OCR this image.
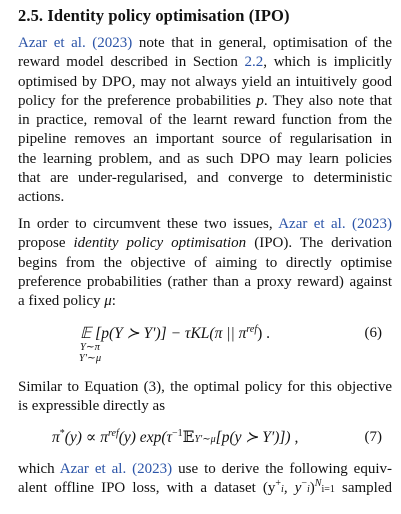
2.5. Identity policy optimisation (IPO)
Azar et al. (2023) note that in general, optimisation of the
reward model described in Section 2.2, which is implicitly
optimised by DPO, may not always yield an intuitively good
policy for the preference probabilities p. They also note that
in practice, removal of the learnt reward function from the
pipeline removes an important source of regularisation in
the learning problem, and as such DPO may learn policies
that are under-regularised, and converge to deterministic
actions.
In order to circumvent these two issues, Azar et al. (2023)
propose identity policy optimisation (IPO). The derivation
begins from the objective of aiming to directly optimise
preference probabilities (rather than a proxy reward) against
a fixed policy μ:
𝔼 [p(Y ≻ Y′)] − τKL(π || $\pi^{ref}$) .
Y∼π
Y′∼μ
(6)
Similar to Equation (3), the optimal policy for this objective
is expressible directly as
$\pi^*(y) \propto \pi^{ref}(y)$ $\exp(\tau^{-1}𝔼Y'\sim\mu[p(y$ ≻ Y′)]) ,	(7)
which Azar et al. (2023) use to derive the following equiv-
alent offline IPO loss, with a dataset (y+i, y−i)$^N$i=1 sampled
